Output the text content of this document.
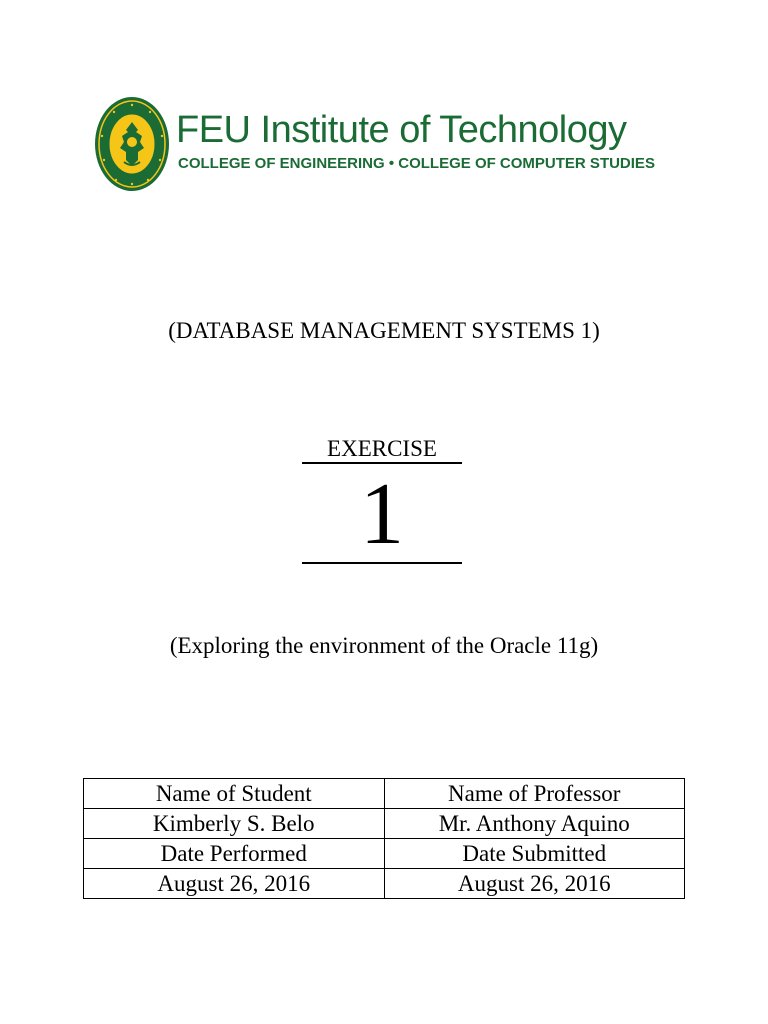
FEU Institute of Technology
COLLEGE OF ENGINEERING • COLLEGE OF COMPUTER STUDIES
(DATABASE MANAGEMENT SYSTEMS 1)
EXERCISE
1
(Exploring the environment of the Oracle 11g)
Name of Student	Name of Professor
Kimberly S. Belo	Mr. Anthony Aquino
Date Performed	Date Submitted
August 26, 2016	August 26, 2016
